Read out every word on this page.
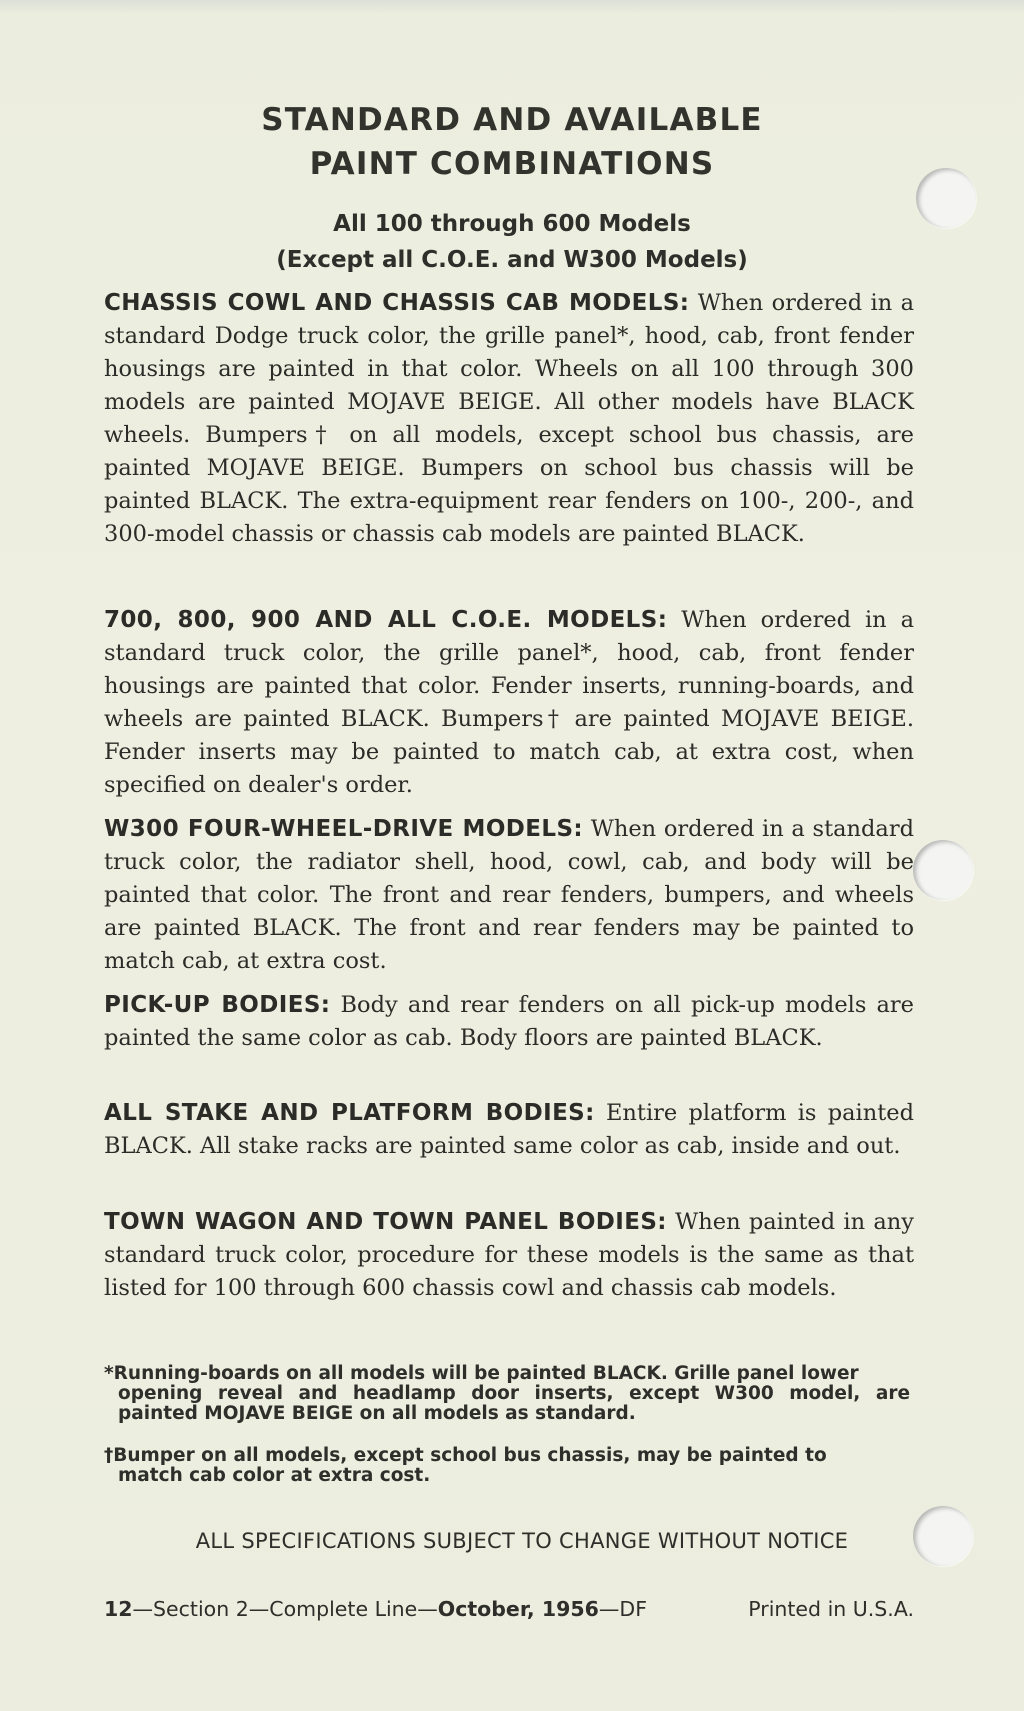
STANDARD AND AVAILABLE
PAINT COMBINATIONS
All 100 through 600 Models
(Except all C.O.E. and W300 Models)
CHASSIS COWL AND CHASSIS CAB MODELS: When ordered in a standard Dodge truck color, the grille panel*, hood, cab, front fender housings are painted in that color. Wheels on all 100 through 300 models are painted MOJAVE BEIGE. All other models have BLACK wheels. Bumpers† on all models, except school bus chassis, are painted MOJAVE BEIGE. Bumpers on school bus chassis will be painted BLACK. The extra-equipment rear fenders on 100-, 200-, and 300-model chassis or chassis cab models are painted BLACK.
700, 800, 900 AND ALL C.O.E. MODELS: When ordered in a standard truck color, the grille panel*, hood, cab, front fender housings are painted that color. Fender inserts, running-boards, and wheels are painted BLACK. Bumpers† are painted MOJAVE BEIGE. Fender inserts may be painted to match cab, at extra cost, when specified on dealer's order.
W300 FOUR-WHEEL-DRIVE MODELS: When ordered in a standard truck color, the radiator shell, hood, cowl, cab, and body will be painted that color. The front and rear fenders, bumpers, and wheels are painted BLACK. The front and rear fenders may be painted to match cab, at extra cost.
PICK-UP BODIES: Body and rear fenders on all pick-up models are painted the same color as cab. Body floors are painted BLACK.
ALL STAKE AND PLATFORM BODIES: Entire platform is painted BLACK. All stake racks are painted same color as cab, inside and out.
TOWN WAGON AND TOWN PANEL BODIES: When painted in any standard truck color, procedure for these models is the same as that listed for 100 through 600 chassis cowl and chassis cab models.
*Running-boards on all models will be painted BLACK. Grille panel lower
opening reveal and headlamp door inserts, except W300 model, are painted MOJAVE BEIGE on all models as standard.
†Bumper on all models, except school bus chassis, may be painted to
match cab color at extra cost.
ALL SPECIFICATIONS SUBJECT TO CHANGE WITHOUT NOTICE
12—Section 2—Complete Line—October, 1956—DF	Printed in U.S.A.
